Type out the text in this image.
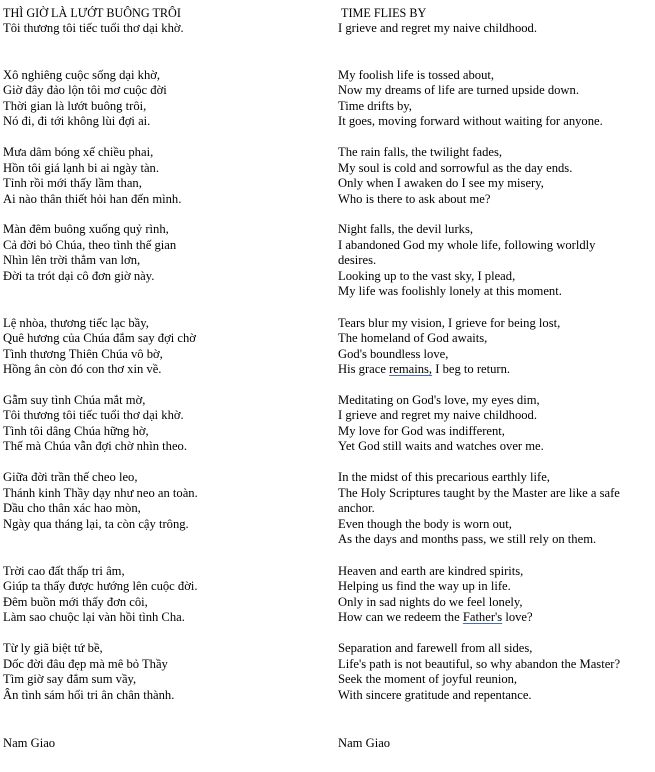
THÌ GIỜ LÀ LƯỚT BUÔNG TRÔI
Tôi thương tôi tiếc tuổi thơ dại khờ.
Xô nghiêng cuộc sống dại khờ,
Giờ đây đảo lộn tôi mơ cuộc đời
Thời gian là lướt buông trôi,
Nó đi, đi tới không lùi đợi ai.
Mưa dâm bóng xế chiều phai,
Hồn tôi giá lạnh bi ai ngày tàn.
Tỉnh rồi mới thấy lầm than,
Ai nào thân thiết hỏi han đến mình.
Màn đêm buông xuống quỷ rình,
Cả đời bỏ Chúa, theo tình thế gian
Nhìn lên trời thẳm van lơn,
Đời ta trót dại cô đơn giờ này.
Lệ nhòa, thương tiếc lạc bầy,
Quê hương của Chúa đắm say đợi chờ
Tình thương Thiên Chúa vô bờ,
Hồng ân còn đó con thơ xin về.
Gẫm suy tình Chúa mắt mờ,
Tôi thương tôi tiếc tuổi thơ dại khờ.
Tình tôi dâng Chúa hững hờ,
Thế mà Chúa vẫn đợi chờ nhìn theo.
Giữa đời trần thế cheo leo,
Thánh kinh Thầy dạy như neo an toàn.
Dầu cho thân xác hao mòn,
Ngày qua tháng lại, ta còn cậy trông.
Trời cao đất thấp tri âm,
Giúp ta thấy được hướng lên cuộc đời.
Đêm buồn mới thấy đơn côi,
Làm sao chuộc lại vàn hồi tình Cha.
Từ ly giã biệt tứ bề,
Dốc đời đâu đẹp mà mê bỏ Thầy
Tìm giờ say đắm sum vầy,
Ân tình sám hối tri ân chân thành.
Nam Giao
TIME FLIES BY
I grieve and regret my naive childhood.
My foolish life is tossed about,
Now my dreams of life are turned upside down.
Time drifts by,
It goes, moving forward without waiting for anyone.
The rain falls, the twilight fades,
My soul is cold and sorrowful as the day ends.
Only when I awaken do I see my misery,
Who is there to ask about me?
Night falls, the devil lurks,
I abandoned God my whole life, following worldly
desires.
Looking up to the vast sky, I plead,
My life was foolishly lonely at this moment.
Tears blur my vision, I grieve for being lost,
The homeland of God awaits,
God's boundless love,
His grace remains, I beg to return.
Meditating on God's love, my eyes dim,
I grieve and regret my naive childhood.
My love for God was indifferent,
Yet God still waits and watches over me.
In the midst of this precarious earthly life,
The Holy Scriptures taught by the Master are like a safe
anchor.
Even though the body is worn out,
As the days and months pass, we still rely on them.
Heaven and earth are kindred spirits,
Helping us find the way up in life.
Only in sad nights do we feel lonely,
How can we redeem the Father's love?
Separation and farewell from all sides,
Life's path is not beautiful, so why abandon the Master?
Seek the moment of joyful reunion,
With sincere gratitude and repentance.
Nam Giao
